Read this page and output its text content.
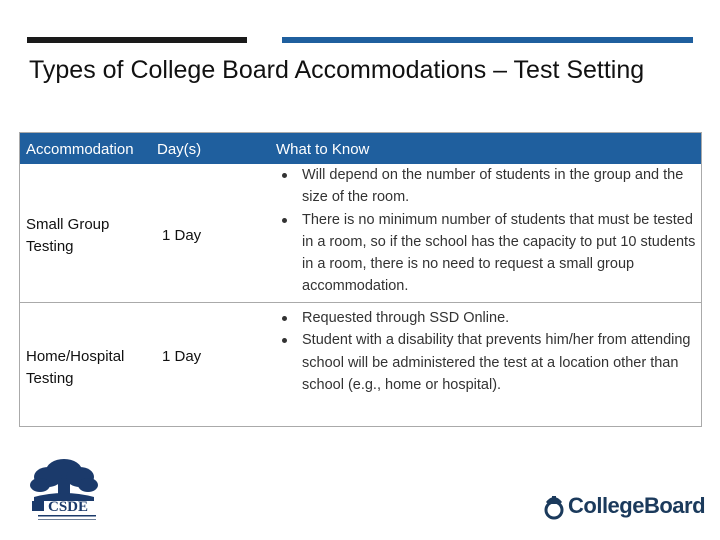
Types of College Board Accommodations – Test Setting
Accommodation Day(s)	What to Know
Small Group Testing
1 Day
Will depend on the number of students in the group and the size of the room.
There is no minimum number of students that must be tested in a room, so if the school has the capacity to put 10 students in a room, there is no need to request a small group accommodation.
Home/Hospital Testing
1 Day
Requested through SSD Online.
Student with a disability that prevents him/her from attending school will be administered the test at a location other than school (e.g., home or hospital).
CSDE	CollegeBoard
